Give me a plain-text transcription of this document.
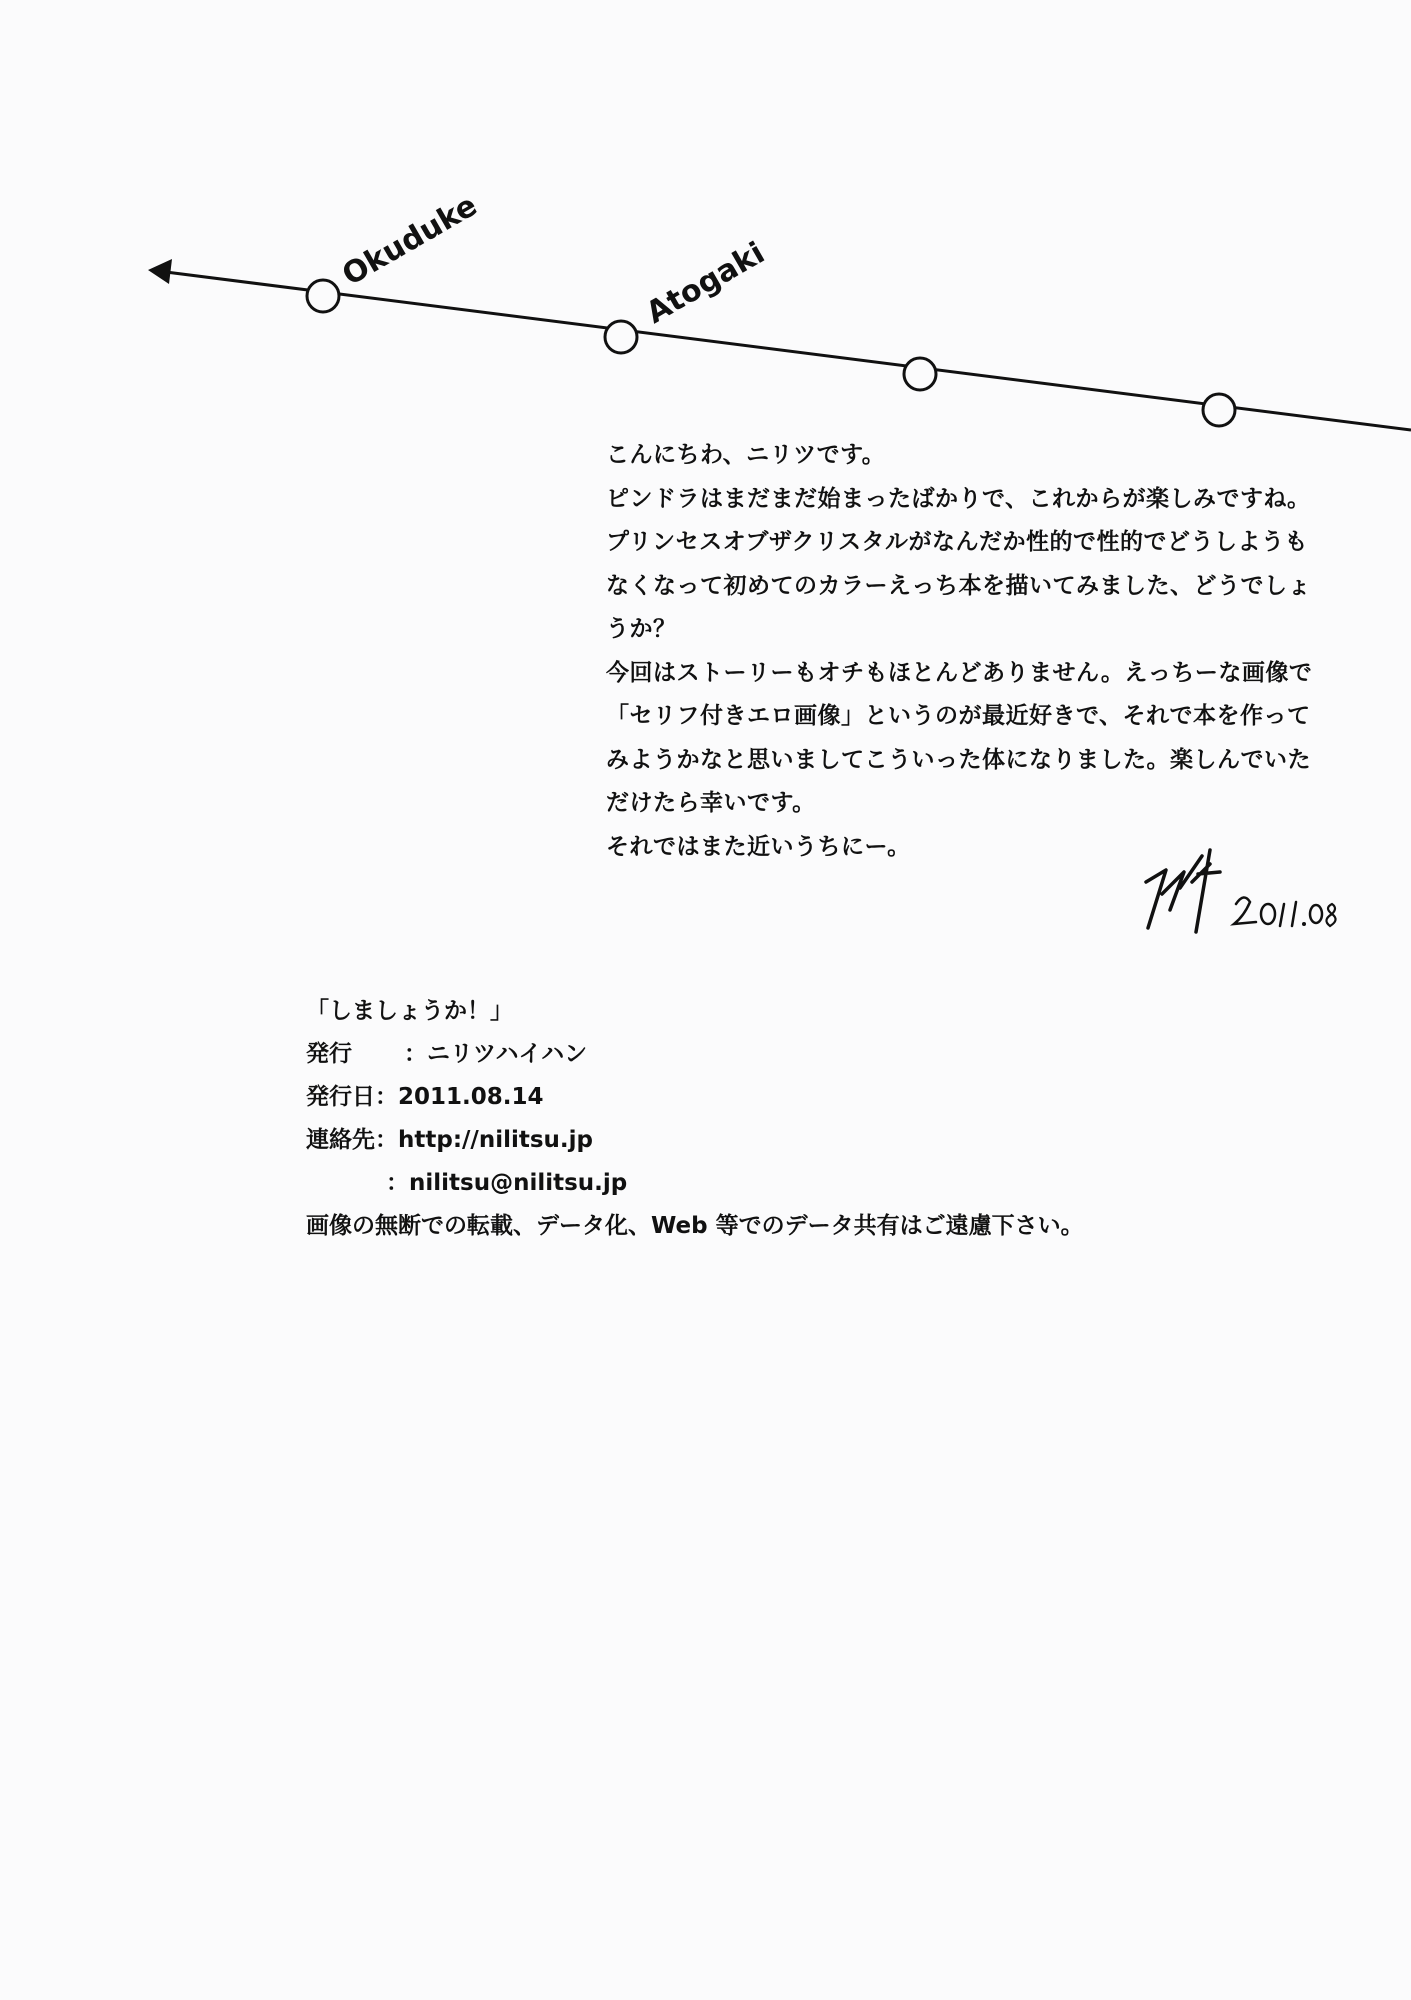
Okuduke	Atogaki
こんにちわ、ニリツです。
ピンドラはまだまだ始まったばかりで、これからが楽しみですね。
プリンセスオブザクリスタルがなんだか性的で性的でどうしようも
なくなって初めてのカラーえっち本を描いてみました、どうでしょ
うか？
今回はストーリーもオチもほとんどありません。えっちーな画像で
「セリフ付きエロ画像」というのが最近好きで、それで本を作って
みようかなと思いましてこういった体になりました。楽しんでいた
だけたら幸いです。
それではまた近いうちにー。
「しましょうか！」
発行 ：ニリツハイハン
発行日：2011.08.14
連絡先：http://nilitsu.jp
：nilitsu@nilitsu.jp
画像の無断での転載、データ化、Web 等でのデータ共有はご遠慮下さい。
